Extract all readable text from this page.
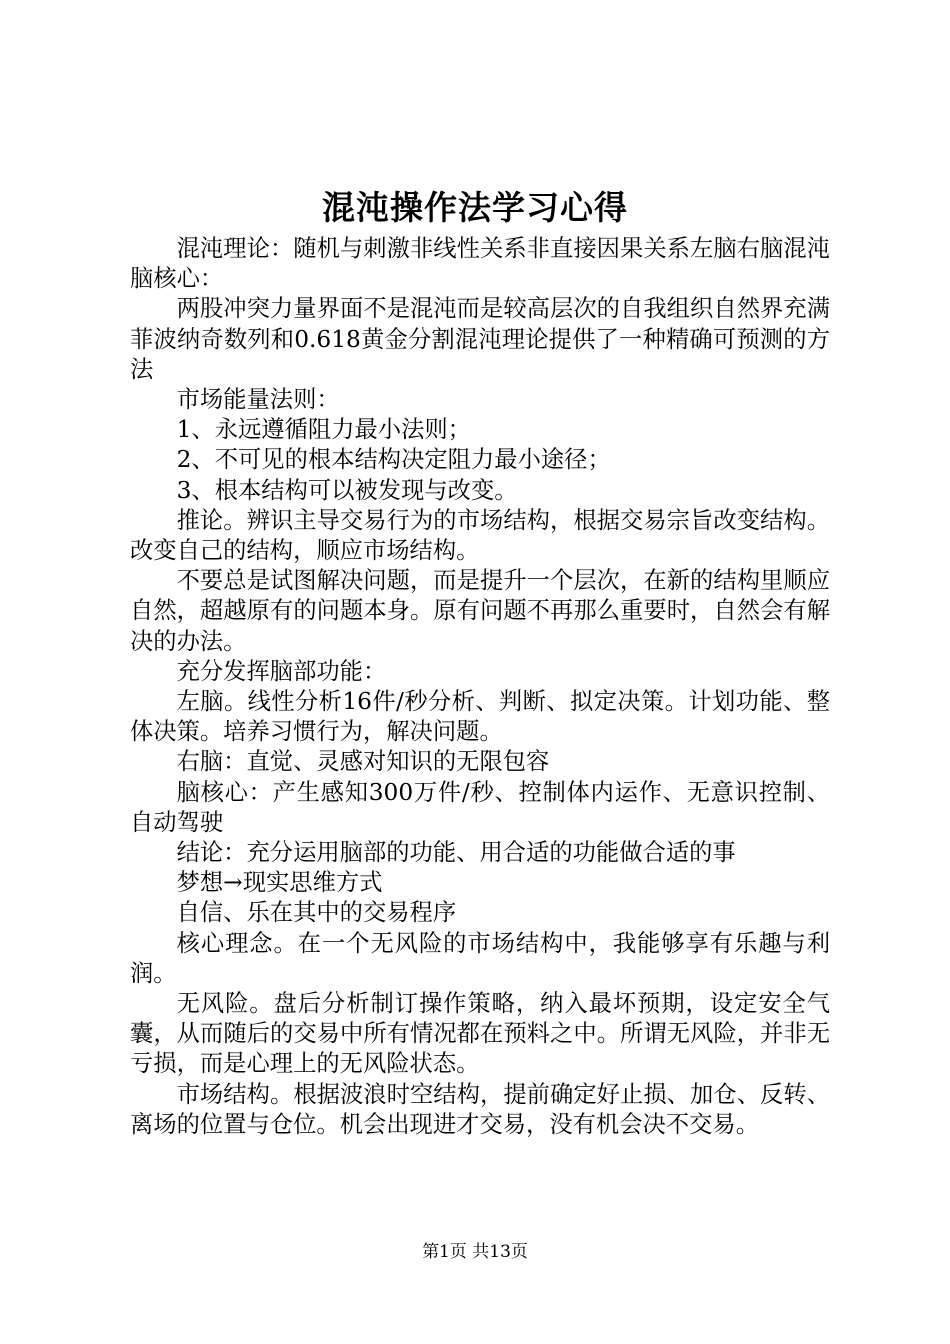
混沌操作法学习心得

混沌理论：随机与刺激非线性关系非直接因果关系左脑右脑混沌脑核心：

两股冲突力量界面不是混沌而是较高层次的自我组织自然界充满菲波纳奇数列和0.618黄金分割混沌理论提供了一种精确可预测的方法

市场能量法则：

1、永远遵循阻力最小法则；

2、不可见的根本结构决定阻力最小途径；

3、根本结构可以被发现与改变。

推论。辨识主导交易行为的市场结构，根据交易宗旨改变结构。改变自己的结构，顺应市场结构。

不要总是试图解决问题，而是提升一个层次，在新的结构里顺应自然，超越原有的问题本身。原有问题不再那么重要时，自然会有解决的办法。

充分发挥脑部功能：

左脑。线性分析16件/秒分析、判断、拟定决策。计划功能、整体决策。培养习惯行为，解决问题。

右脑：直觉、灵感对知识的无限包容

脑核心：产生感知300万件/秒、控制体内运作、无意识控制、自动驾驶

结论：充分运用脑部的功能、用合适的功能做合适的事

梦想→现实思维方式

自信、乐在其中的交易程序

核心理念。在一个无风险的市场结构中，我能够享有乐趣与利润。

无风险。盘后分析制订操作策略，纳入最坏预期，设定安全气囊，从而随后的交易中所有情况都在预料之中。所谓无风险，并非无亏损，而是心理上的无风险状态。

市场结构。根据波浪时空结构，提前确定好止损、加仓、反转、离场的位置与仓位。机会出现进才交易，没有机会决不交易。

第1页 共13页
